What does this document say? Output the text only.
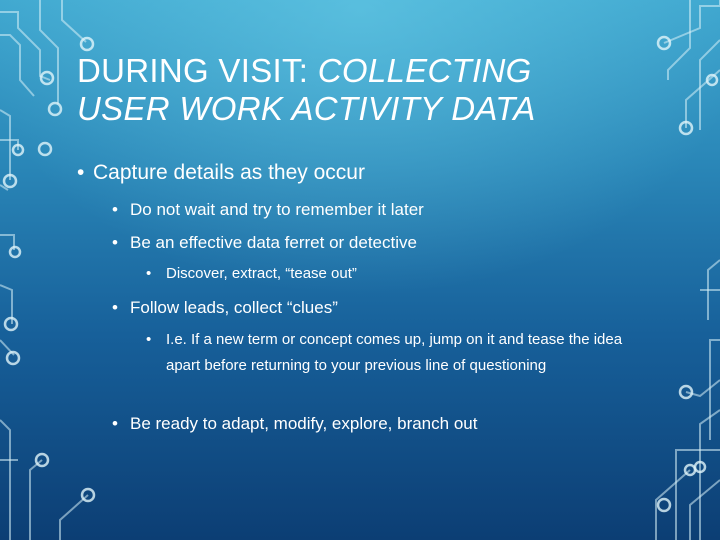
DURING VISIT: COLLECTING
USER WORK ACTIVITY DATA
• Capture details as they occur
• Do not wait and try to remember it later
• Be an effective data ferret or detective
• Discover, extract, “tease out”
• Follow leads, collect “clues”
• I.e. If a new term or concept comes up, jump on it and tease the idea apart before returning to your previous line of questioning
• Be ready to adapt, modify, explore, branch out
